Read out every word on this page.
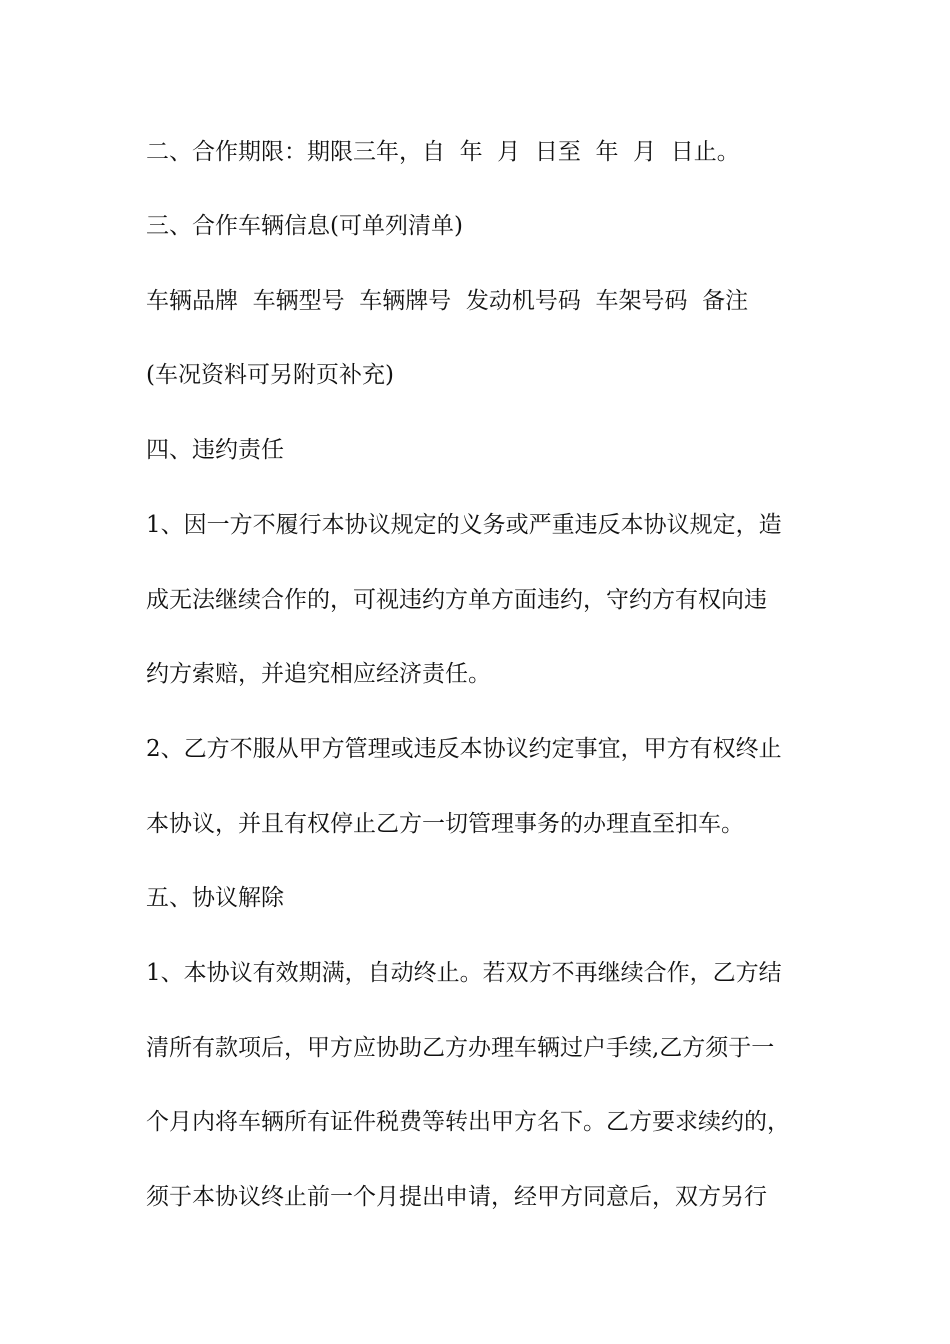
二、合作期限：期限三年，自  年  月  日至  年  月  日止。

三、合作车辆信息(可单列清单)

车辆品牌  车辆型号  车辆牌号  发动机号码  车架号码  备注

(车况资料可另附页补充)

四、违约责任

1、因一方不履行本协议规定的义务或严重违反本协议规定，造

成无法继续合作的，可视违约方单方面违约，守约方有权向违

约方索赔，并追究相应经济责任。

2、乙方不服从甲方管理或违反本协议约定事宜，甲方有权终止

本协议，并且有权停止乙方一切管理事务的办理直至扣车。

五、协议解除

1、本协议有效期满，自动终止。若双方不再继续合作，乙方结

清所有款项后，甲方应协助乙方办理车辆过户手续,乙方须于一

个月内将车辆所有证件税费等转出甲方名下。乙方要求续约的，

须于本协议终止前一个月提出申请，经甲方同意后，双方另行
